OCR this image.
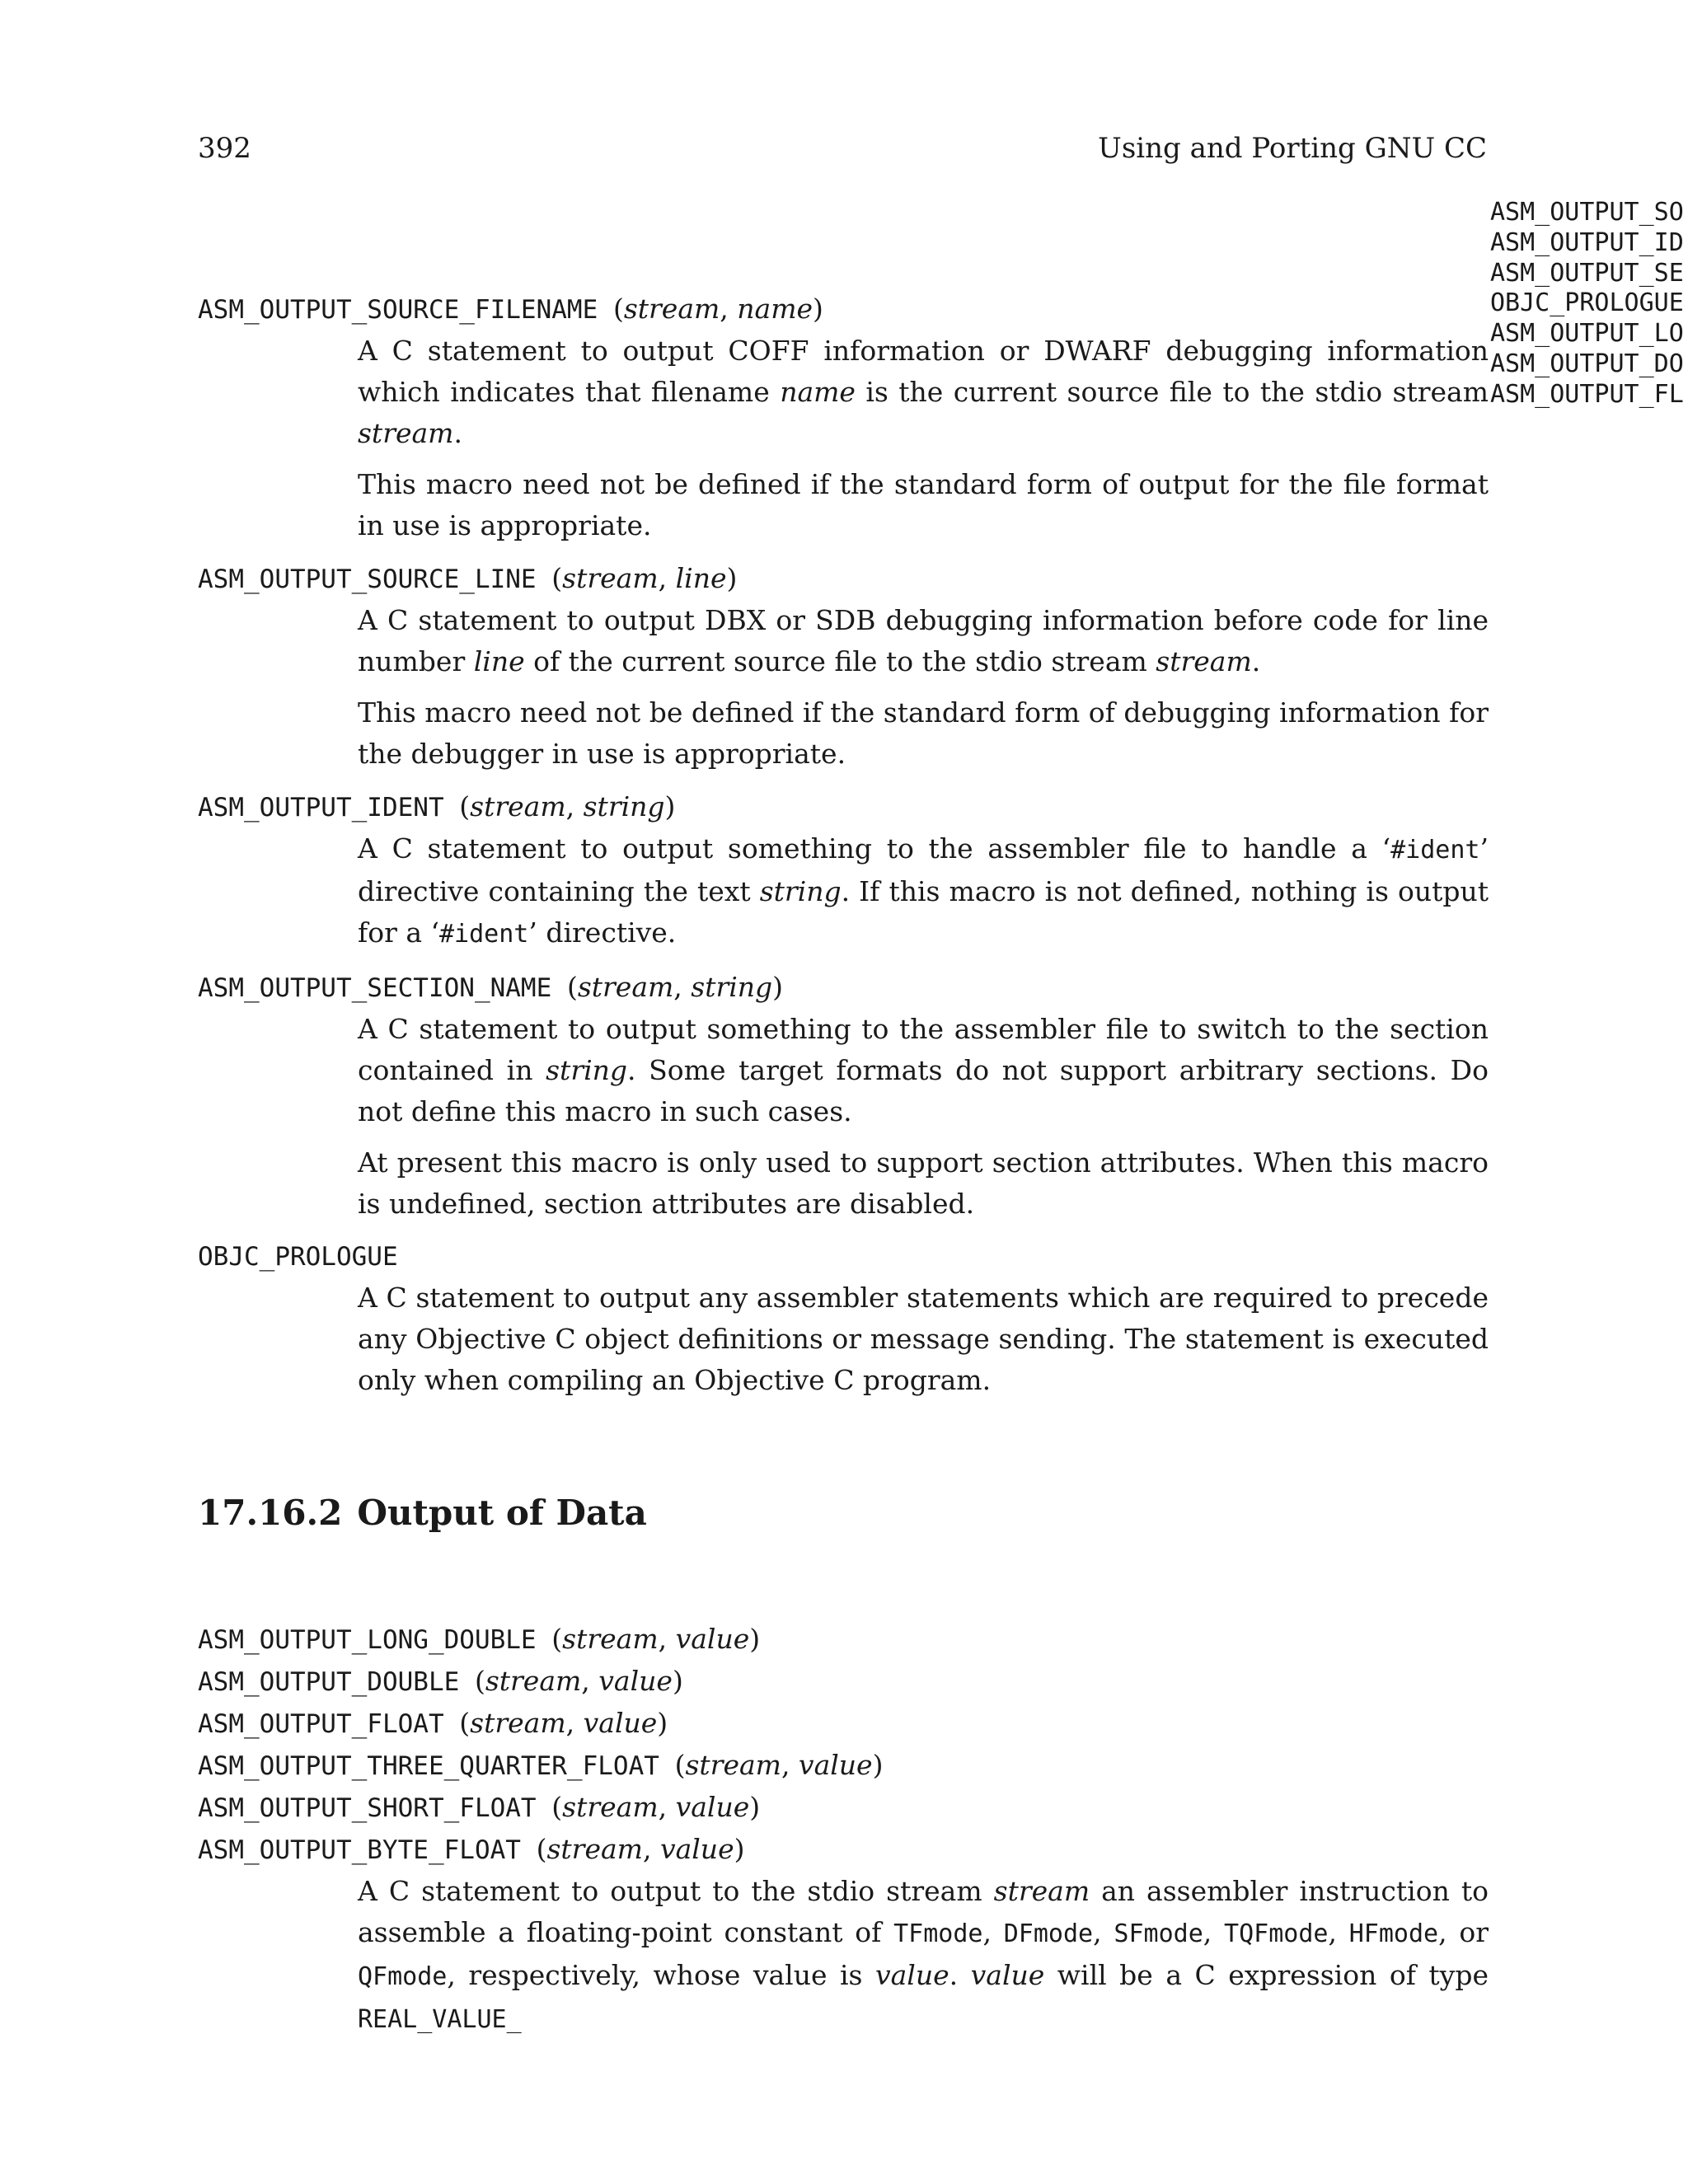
392	Using and Porting GNU CC
ASM_OUTPUT_SO
ASM_OUTPUT_ID
ASM_OUTPUT_SE
OBJC_PROLOGUE
ASM_OUTPUT_LO
ASM_OUTPUT_DO
ASM_OUTPUT_FL
ASM_OUTPUT_SOURCE_FILENAME (stream, name)

A C statement to output COFF information or DWARF debugging information which indicates that filename name is the current source file to the stdio stream stream.

This macro need not be defined if the standard form of output for the file format in use is appropriate.

ASM_OUTPUT_SOURCE_LINE (stream, line)

A C statement to output DBX or SDB debugging information before code for line number line of the current source file to the stdio stream stream.

This macro need not be defined if the standard form of debugging information for the debugger in use is appropriate.

ASM_OUTPUT_IDENT (stream, string)

A C statement to output something to the assembler file to handle a ‘#ident’ directive containing the text string. If this macro is not defined, nothing is output for a ‘#ident’ directive.

ASM_OUTPUT_SECTION_NAME (stream, string)

A C statement to output something to the assembler file to switch to the section contained in string. Some target formats do not support arbitrary sections. Do not define this macro in such cases.

At present this macro is only used to support section attributes. When this macro is undefined, section attributes are disabled.

OBJC_PROLOGUE

A C statement to output any assembler statements which are required to precede any Objective C object definitions or message sending. The statement is executed only when compiling an Objective C program.

17.16.2 Output of Data
ASM_OUTPUT_LONG_DOUBLE (stream, value)
ASM_OUTPUT_DOUBLE (stream, value)
ASM_OUTPUT_FLOAT (stream, value)
ASM_OUTPUT_THREE_QUARTER_FLOAT (stream, value)
ASM_OUTPUT_SHORT_FLOAT (stream, value)
ASM_OUTPUT_BYTE_FLOAT (stream, value)

A C statement to output to the stdio stream stream an assembler instruction to assemble a floating-point constant of TFmode, DFmode, SFmode, TQFmode, HFmode, or QFmode, respectively, whose value is value. value will be a C expression of type REAL_VALUE_
